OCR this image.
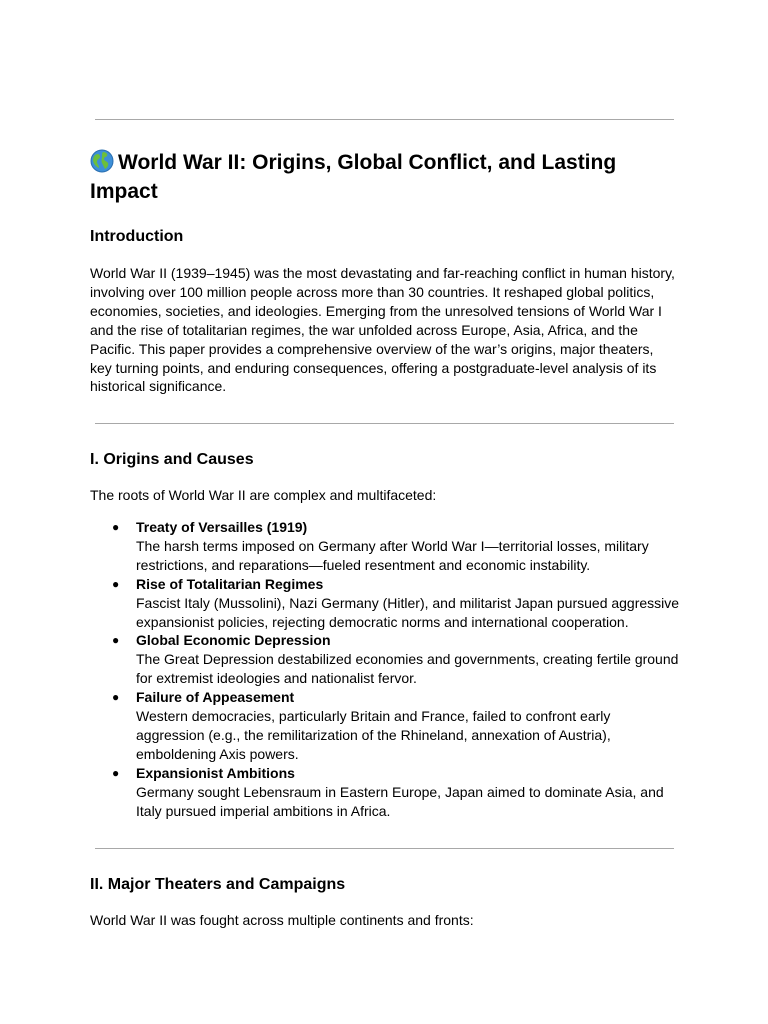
World War II: Origins, Global Conflict, and Lasting Impact
Introduction

World War II (1939–1945) was the most devastating and far-reaching conflict in human history, involving over 100 million people across more than 30 countries. It reshaped global politics, economies, societies, and ideologies. Emerging from the unresolved tensions of World War I and the rise of totalitarian regimes, the war unfolded across Europe, Asia, Africa, and the Pacific. This paper provides a comprehensive overview of the war’s origins, major theaters, key turning points, and enduring consequences, offering a postgraduate-level analysis of its historical significance.

I. Origins and Causes

The roots of World War II are complex and multifaceted:

● Treaty of Versailles (1919)
The harsh terms imposed on Germany after World War I—territorial losses, military restrictions, and reparations—fueled resentment and economic instability.
● Rise of Totalitarian Regimes
Fascist Italy (Mussolini), Nazi Germany (Hitler), and militarist Japan pursued aggressive expansionist policies, rejecting democratic norms and international cooperation.
● Global Economic Depression
The Great Depression destabilized economies and governments, creating fertile ground for extremist ideologies and nationalist fervor.
● Failure of Appeasement
Western democracies, particularly Britain and France, failed to confront early aggression (e.g., the remilitarization of the Rhineland, annexation of Austria), emboldening Axis powers.
● Expansionist Ambitions
Germany sought Lebensraum in Eastern Europe, Japan aimed to dominate Asia, and Italy pursued imperial ambitions in Africa.
II. Major Theaters and Campaigns

World War II was fought across multiple continents and fronts:
